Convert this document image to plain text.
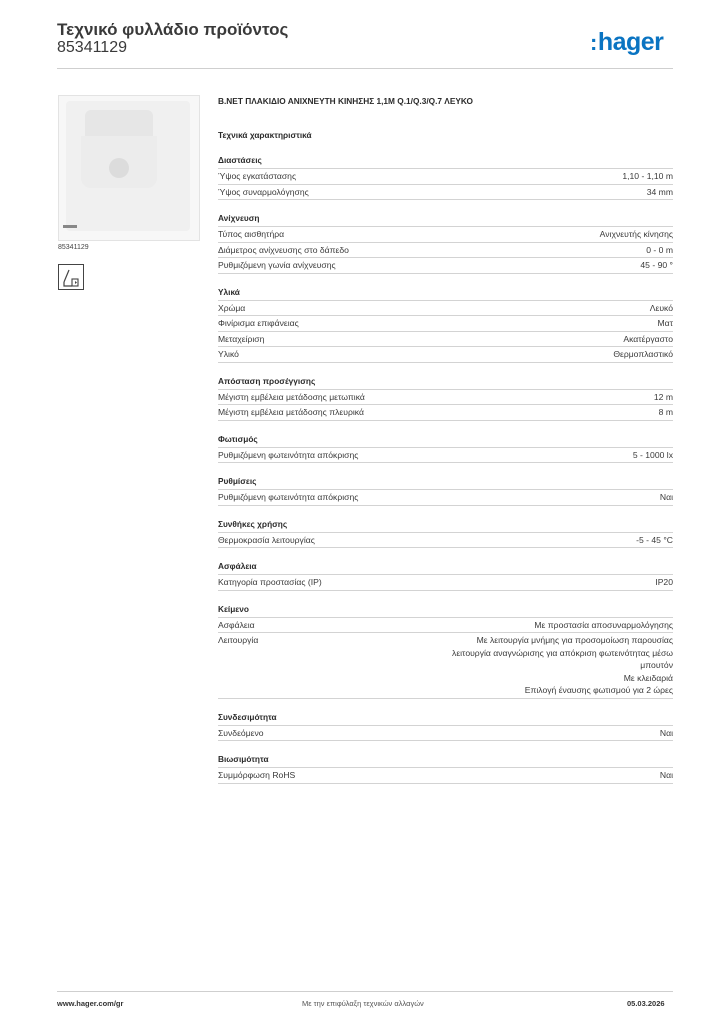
Τεχνικό φυλλάδιο προϊόντος
85341129	:hager
85341129
B.NET ΠΛΑΚΙΔΙΟ ΑΝΙΧΝΕΥΤΗ ΚΙΝΗΣΗΣ 1,1M Q.1/Q.3/Q.7 ΛΕΥΚΟ
Τεχνικά χαρακτηριστικά
Διαστάσεις
Ύψος εγκατάστασης	1,10 - 1,10 m
Ύψος συναρμολόγησης	34 mm
Ανίχνευση
Τύπος αισθητήρα	Ανιχνευτής κίνησης
Διάμετρος ανίχνευσης στο δάπεδο	0 - 0 m
Ρυθμιζόμενη γωνία ανίχνευσης	45 - 90 °
Υλικά
Χρώμα	Λευκό
Φινίρισμα επιφάνειας	Ματ
Μεταχείριση	Ακατέργαστο
Υλικό	Θερμοπλαστικό
Απόσταση προσέγγισης
Μέγιστη εμβέλεια μετάδοσης μετωπικά	12 m
Μέγιστη εμβέλεια μετάδοσης πλευρικά	8 m
Φωτισμός
Ρυθμιζόμενη φωτεινότητα απόκρισης	5 - 1000 lx
Ρυθμίσεις
Ρυθμιζόμενη φωτεινότητα απόκρισης	Ναι
Συνθήκες χρήσης
Θερμοκρασία λειτουργίας	-5 - 45 °C
Ασφάλεια
Κατηγορία προστασίας (IP)	IP20
Κείμενο
Ασφάλεια	Με προστασία αποσυναρμολόγησης
Λειτουργία	Με λειτουργία μνήμης για προσομοίωση παρουσίας
λειτουργία αναγνώρισης για απόκριση φωτεινότητας μέσω
μπουτόν
Με κλειδαριά
Επιλογή έναυσης φωτισμού για 2 ώρες
Συνδεσιμότητα
Συνδεόμενο	Ναι
Βιωσιμότητα
Συμμόρφωση RoHS	Ναι
www.hager.com/gr	Με την επιφύλαξη τεχνικών αλλαγών	05.03.2026
